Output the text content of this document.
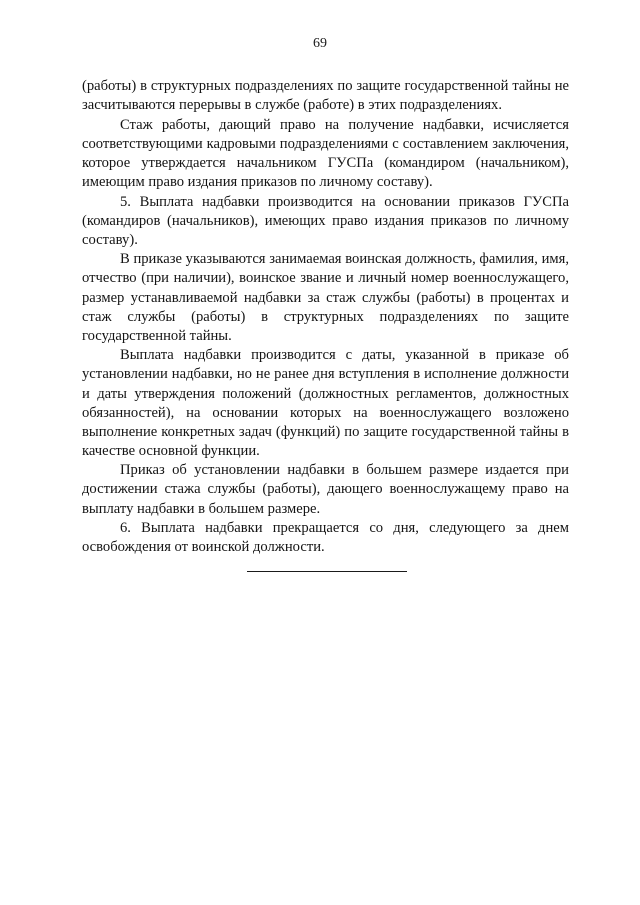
69

(работы) в структурных подразделениях по защите государственной тайны не засчитываются перерывы в службе (работе) в этих подразделениях.

Стаж работы, дающий право на получение надбавки, исчисляется соответствующими кадровыми подразделениями с составлением заключения, которое утверждается начальником ГУСПа (командиром (начальником), имеющим право издания приказов по личному составу).

5. Выплата надбавки производится на основании приказов ГУСПа (командиров (начальников), имеющих право издания приказов по личному составу).

В приказе указываются занимаемая воинская должность, фамилия, имя, отчество (при наличии), воинское звание и личный номер военнослужащего, размер устанавливаемой надбавки за стаж службы (работы) в процентах и стаж службы (работы) в структурных подразделениях по защите государственной тайны.

Выплата надбавки производится с даты, указанной в приказе об установлении надбавки, но не ранее дня вступления в исполнение должности и даты утверждения положений (должностных регламентов, должностных обязанностей), на основании которых на военнослужащего возложено выполнение конкретных задач (функций) по защите государственной тайны в качестве основной функции.

Приказ об установлении надбавки в большем размере издается при достижении стажа службы (работы), дающего военнослужащему право на выплату надбавки в большем размере.

6. Выплата надбавки прекращается со дня, следующего за днем освобождения от воинской должности.
